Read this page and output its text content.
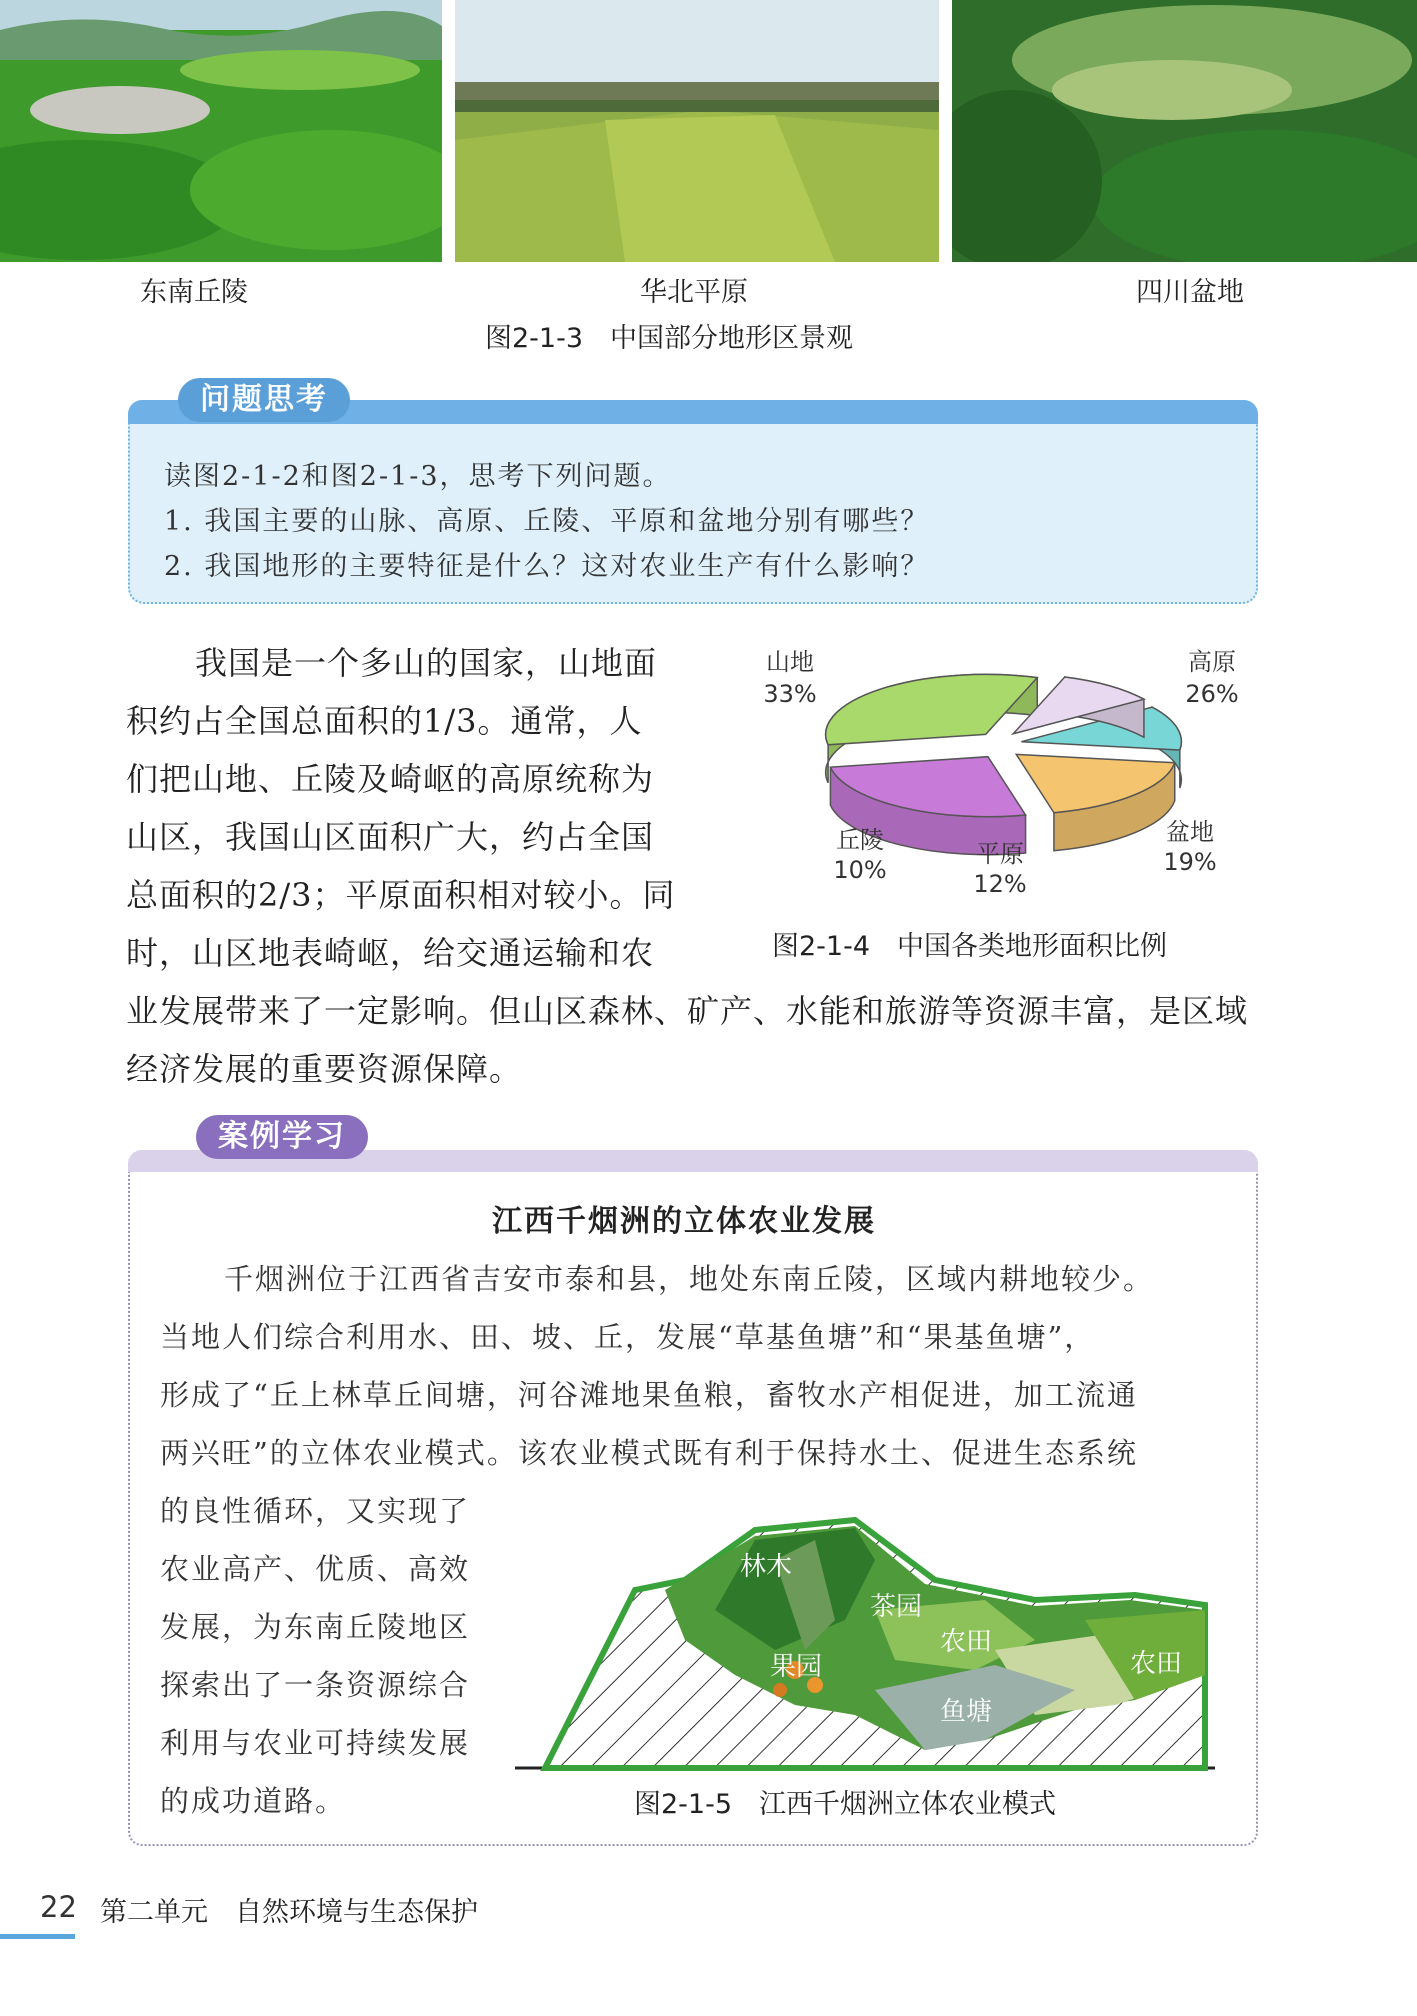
东南丘陵	华北平原	四川盆地
图2-1-3　中国部分地形区景观
问题思考
读图2-1-2和图2-1-3，思考下列问题。
1. 我国主要的山脉、高原、丘陵、平原和盆地分别有哪些？
2. 我国地形的主要特征是什么？这对农业生产有什么影响？
我国是一个多山的国家，山地面
积约占全国总面积的1/3。通常，人
们把山地、丘陵及崎岖的高原统称为
山区，我国山区面积广大，约占全国
总面积的2/3；平原面积相对较小。同
时，山区地表崎岖，给交通运输和农
业发展带来了一定影响。但山区森林、矿产、水能和旅游等资源丰富，是区域
经济发展的重要资源保障。
山地
33%
高原
26%
盆地
19%
平原
12%
丘陵
10%
图2-1-4　中国各类地形面积比例
案例学习
江西千烟洲的立体农业发展
千烟洲位于江西省吉安市泰和县，地处东南丘陵，区域内耕地较少。
当地人们综合利用水、田、坡、丘，发展“草基鱼塘”和“果基鱼塘”，
形成了“丘上林草丘间塘，河谷滩地果鱼粮，畜牧水产相促进，加工流通
两兴旺”的立体农业模式。该农业模式既有利于保持水土、促进生态系统
的良性循环，又实现了
农业高产、优质、高效
发展，为东南丘陵地区
探索出了一条资源综合
利用与农业可持续发展
的成功道路。
林木
茶园
农田
果园
鱼塘
农田
图2-1-5　江西千烟洲立体农业模式
22 第二单元　自然环境与生态保护
